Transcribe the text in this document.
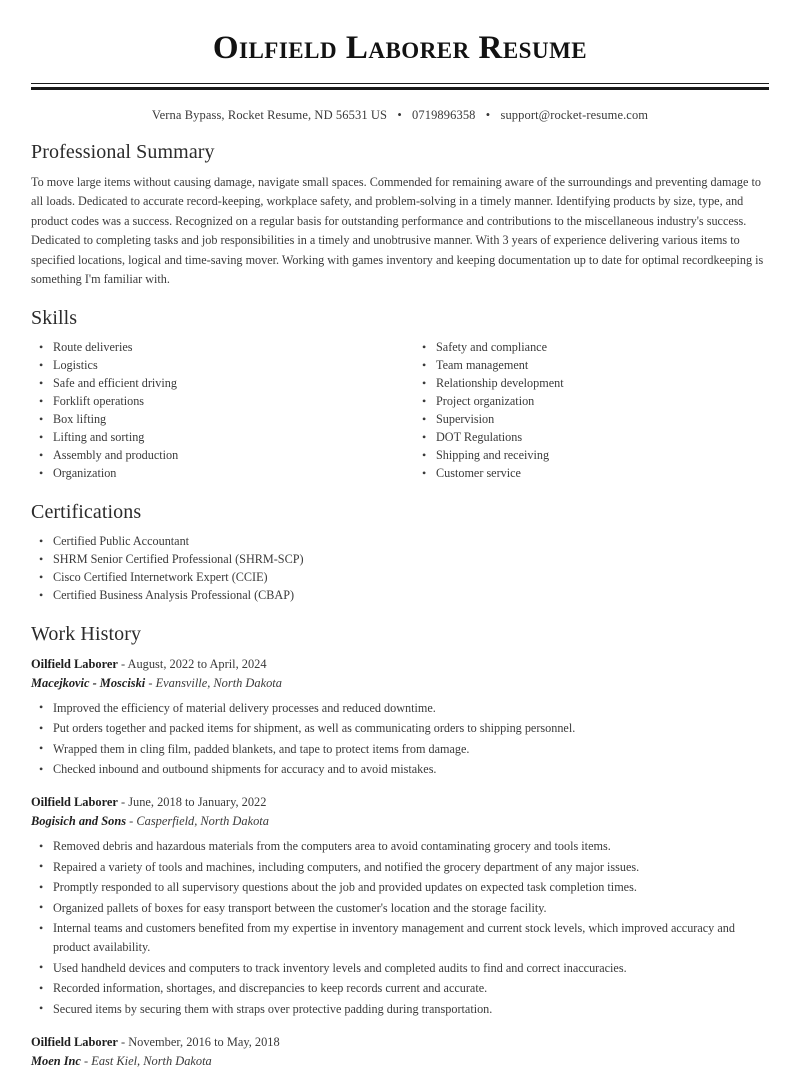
Oilfield Laborer Resume
Verna Bypass, Rocket Resume, ND 56531 US • 0719896358 • support@rocket-resume.com
Professional Summary

To move large items without causing damage, navigate small spaces. Commended for remaining aware of the surroundings and preventing damage to all loads. Dedicated to accurate record-keeping, workplace safety, and problem-solving in a timely manner. Identifying products by size, type, and product codes was a success. Recognized on a regular basis for outstanding performance and contributions to the miscellaneous industry's success. Dedicated to completing tasks and job responsibilities in a timely and unobtrusive manner. With 3 years of experience delivering various items to specified locations, logical and time-saving mover. Working with games inventory and keeping documentation up to date for optimal recordkeeping is something I'm familiar with.

Skills
• Route deliveries
• Logistics
• Safe and efficient driving
• Forklift operations
• Box lifting
• Lifting and sorting
• Assembly and production
• Organization
• Safety and compliance
• Team management
• Relationship development
• Project organization
• Supervision
• DOT Regulations
• Shipping and receiving
• Customer service
Certifications
• Certified Public Accountant
• SHRM Senior Certified Professional (SHRM-SCP)
• Cisco Certified Internetwork Expert (CCIE)
• Certified Business Analysis Professional (CBAP)
Work History
Oilfield Laborer - August, 2022 to April, 2024
Macejkovic - Mosciski - Evansville, North Dakota
• Improved the efficiency of material delivery processes and reduced downtime.
• Put orders together and packed items for shipment, as well as communicating orders to shipping personnel.
• Wrapped them in cling film, padded blankets, and tape to protect items from damage.
• Checked inbound and outbound shipments for accuracy and to avoid mistakes.
Oilfield Laborer - June, 2018 to January, 2022
Bogisich and Sons - Casperfield, North Dakota
• Removed debris and hazardous materials from the computers area to avoid contaminating grocery and tools items.
• Repaired a variety of tools and machines, including computers, and notified the grocery department of any major issues.
• Promptly responded to all supervisory questions about the job and provided updates on expected task completion times.
• Organized pallets of boxes for easy transport between the customer's location and the storage facility.
• Internal teams and customers benefited from my expertise in inventory management and current stock levels, which improved accuracy and product availability.
• Used handheld devices and computers to track inventory levels and completed audits to find and correct inaccuracies.
• Recorded information, shortages, and discrepancies to keep records current and accurate.
• Secured items by securing them with straps over protective padding during transportation.
Oilfield Laborer - November, 2016 to May, 2018
Moen Inc - East Kiel, North Dakota
